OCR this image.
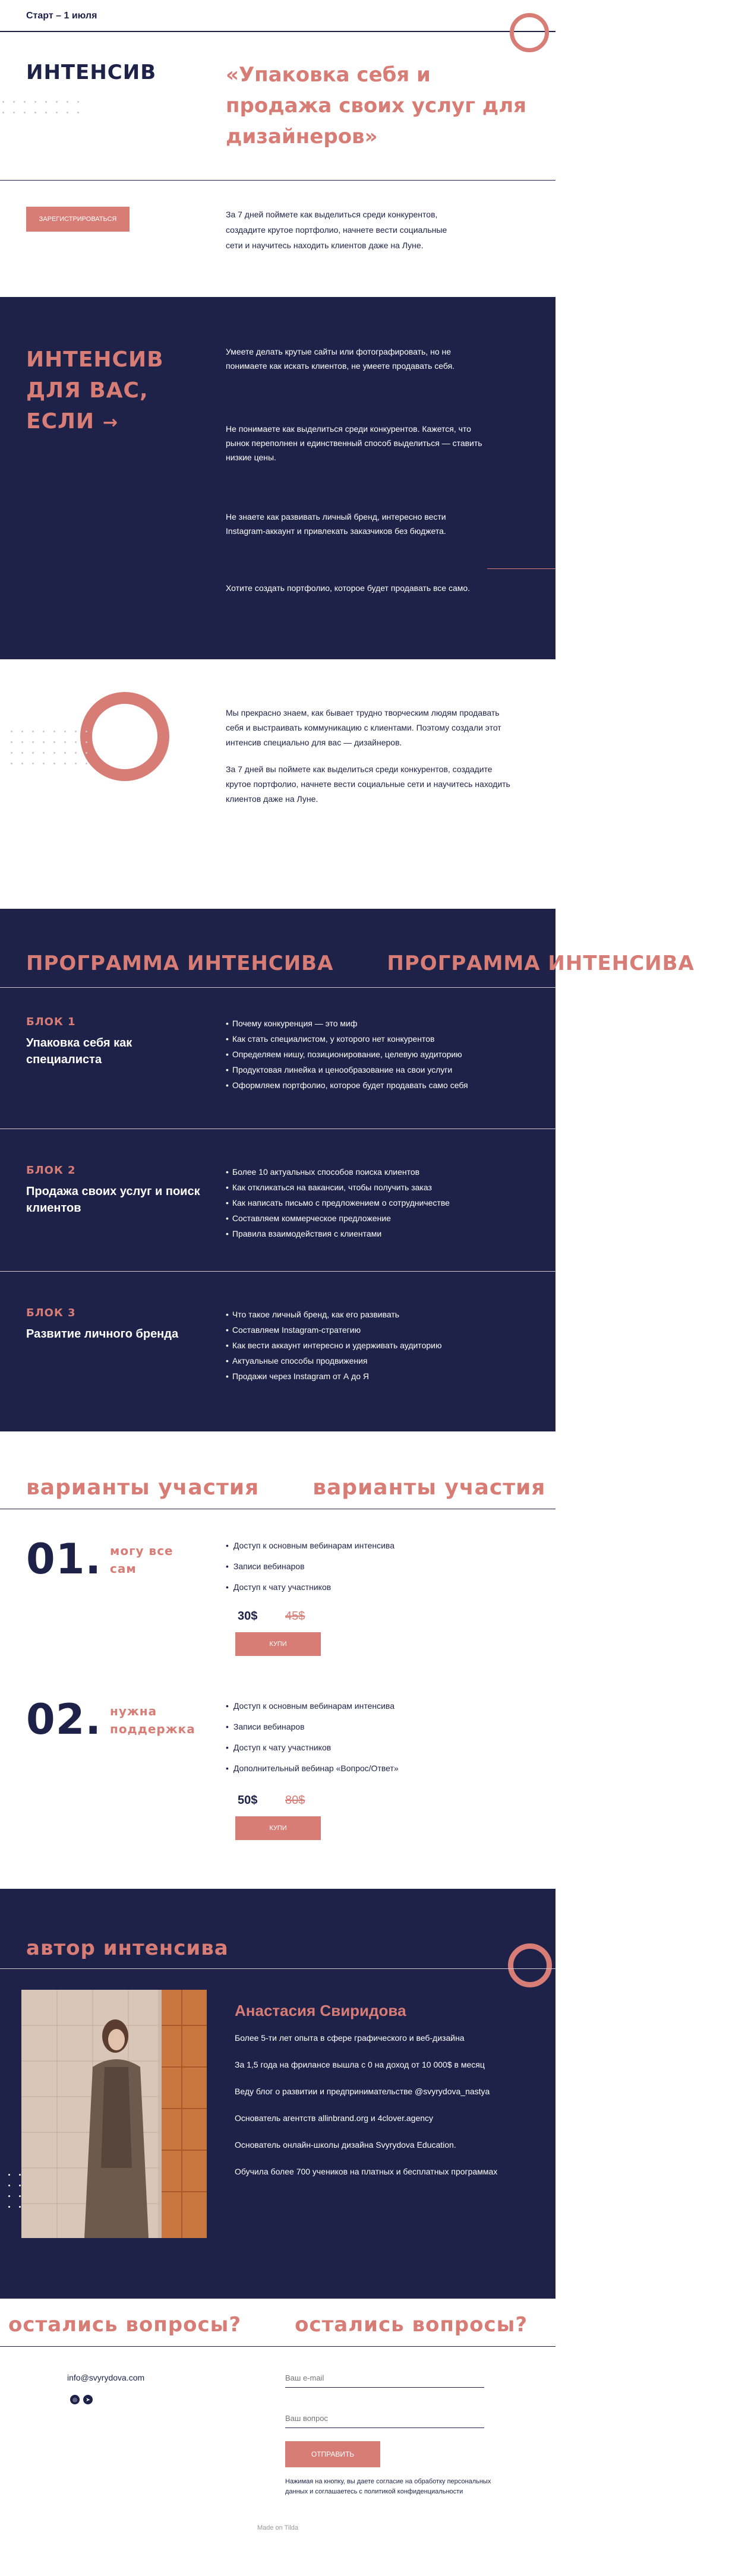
Старт – 1 июля
ИНТЕНСИВ	«Упаковка себя и продажа своих услуг для дизайнеров»
ЗАРЕГИСТРИРОВАТЬСЯ	За 7 дней поймете как выделиться среди конкурентов, создадите крутое портфолио, начнете вести социальные сети и научитесь находить клиентов даже на Луне.

ИНТЕНСИВ ДЛЯ ВАС, ЕСЛИ →

Умеете делать крутые сайты или фотографировать, но не понимаете как искать клиентов, не умеете продавать себя.

Не понимаете как выделиться среди конкурентов. Кажется, что рынок переполнен и единственный способ выделиться — ставить низкие цены.

Не знаете как развивать личный бренд, интересно вести Instagram-аккаунт и привлекать заказчиков без бюджета.

Хотите создать портфолио, которое будет продавать все само.

Мы прекрасно знаем, как бывает трудно творческим людям продавать себя и выстраивать коммуникацию с клиентами. Поэтому создали этот интенсив специально для вас — дизайнеров.

За 7 дней вы поймете как выделиться среди конкурентов, создадите крутое портфолио, начнете вести социальные сети и научитесь находить клиентов даже на Луне.

ПРОГРАММА ИНТЕНСИВА	ПРОГРАММА ИНТЕНСИВА
БЛОК 1
Упаковка себя как специалиста
• Почему конкуренция — это миф
• Как стать специалистом, у которого нет конкурентов
• Определяем нишу, позиционирование, целевую аудиторию
• Продуктовая линейка и ценообразование на свои услуги
• Оформляем портфолио, которое будет продавать само себя
БЛОК 2
Продажа своих услуг и поиск клиентов
• Более 10 актуальных способов поиска клиентов
• Как откликаться на вакансии, чтобы получить заказ
• Как написать письмо с предложением о сотрудничестве
• Составляем коммерческое предложение
• Правила взаимодействия с клиентами
БЛОК 3
Развитие личного бренда
• Что такое личный бренд, как его развивать
• Составляем Instagram-стратегию
• Как вести аккаунт интересно и удерживать аудиторию
• Актуальные способы продвижения
• Продажи через Instagram от А до Я
варианты участия	варианты участия
01. могу все сам
• Доступ к основным вебинарам интенсива
• Записи вебинаров
• Доступ к чату участников
30$ 45$
КУПИ
02. нужна поддержка
• Доступ к основным вебинарам интенсива
• Записи вебинаров
• Доступ к чату участников
• Дополнительный вебинар «Вопрос/Ответ»
50$ 80$
КУПИ
автор интенсива
Анастасия Свиридова
Более 5-ти лет опыта в сфере графического и веб-дизайна
За 1,5 года на фрилансе вышла с 0 на доход от 10 000$ в месяц
Веду блог о развитии и предпринимательстве @svyrydova_nastya
Основатель агентств allinbrand.org и 4clover.agency
Основатель онлайн-школы дизайна Svyrydova Education.
Обучила более 700 учеников на платных и бесплатных программах
остались вопросы?	остались вопросы?
info@svyrydova.com
◎	➤
Ваш e-mail
Ваш вопрос
ОТПРАВИТЬ

Нажимая на кнопку, вы даете согласие на обработку персональных данных и соглашаетесь c политикой конфиденциальности

Made on Tilda
